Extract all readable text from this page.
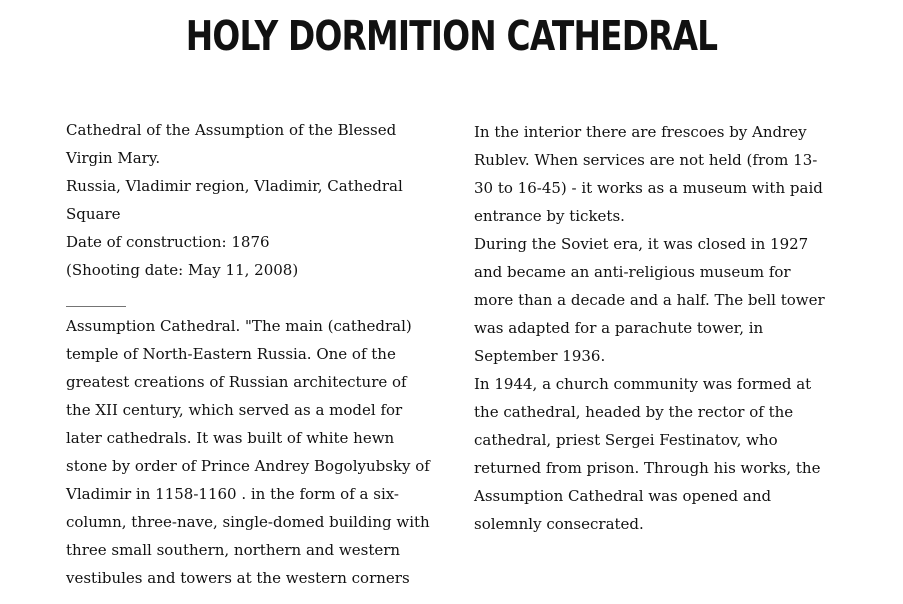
HOLY DORMITION CATHEDRAL

Cathedral of the Assumption of the Blessed Virgin Mary.

Russia, Vladimir region, Vladimir, Cathedral Square

Date of construction: 1876

(Shooting date: May 11, 2008)

________

Assumption Cathedral. "The main (cathedral) temple of North-Eastern Russia. One of the greatest creations of Russian architecture of the XII century, which served as a model for later cathedrals. It was built of white hewn stone by order of Prince Andrey Bogolyubsky of Vladimir in 1158-1160 . in the form of a six-column, three-nave, single-domed building with three small southern, northern and western vestibules and towers at the western corners

In the interior there are frescoes by Andrey Rublev. When services are not held (from 13-30 to 16-45) - it works as a museum with paid entrance by tickets.

During the Soviet era, it was closed in 1927 and became an anti-religious museum for more than a decade and a half. The bell tower was adapted for a parachute tower, in September 1936.

In 1944, a church community was formed at the cathedral, headed by the rector of the cathedral, priest Sergei Festinatov, who returned from prison. Through his works, the Assumption Cathedral was opened and solemnly consecrated.
